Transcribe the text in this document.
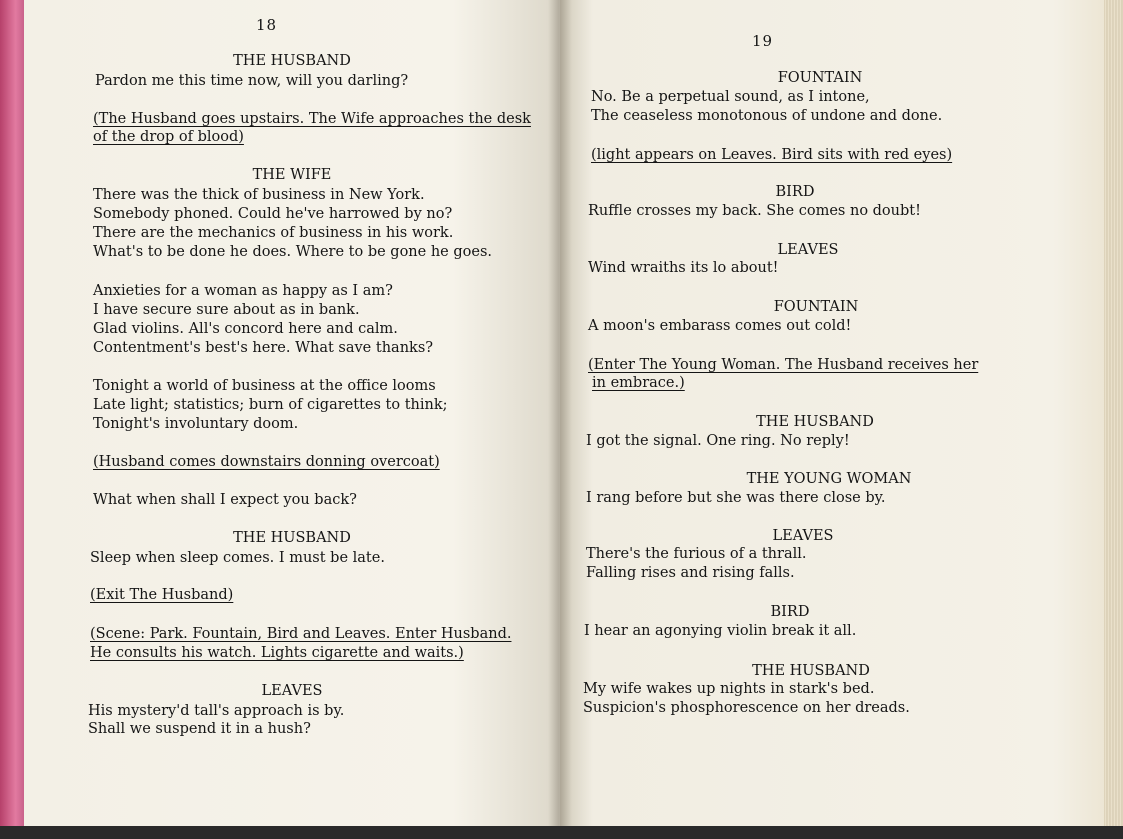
18
THE HUSBAND
Pardon me this time now, will you darling?
(The Husband goes upstairs. The Wife approaches the desk
of the drop of blood)
THE WIFE
There was the thick of business in New York.
Somebody phoned. Could he've harrowed by no?
There are the mechanics of business in his work.
What's to be done he does. Where to be gone he goes.
Anxieties for a woman as happy as I am?
I have secure sure about as in bank.
Glad violins. All's concord here and calm.
Contentment's best's here. What save thanks?
Tonight a world of business at the office looms
Late light; statistics; burn of cigarettes to think;
Tonight's involuntary doom.
(Husband comes downstairs donning overcoat)
What when shall I expect you back?
THE HUSBAND
Sleep when sleep comes. I must be late.
(Exit The Husband)
(Scene: Park. Fountain, Bird and Leaves. Enter Husband.
He consults his watch. Lights cigarette and waits.)
LEAVES
His mystery'd tall's approach is by.
Shall we suspend it in a hush?
19
FOUNTAIN
No. Be a perpetual sound, as I intone,
The ceaseless monotonous of undone and done.
(light appears on Leaves. Bird sits with red eyes)
BIRD
Ruffle crosses my back. She comes no doubt!
LEAVES
Wind wraiths its lo about!
FOUNTAIN
A moon's embarass comes out cold!
(Enter The Young Woman. The Husband receives her
in embrace.)
THE HUSBAND
I got the signal. One ring. No reply!
THE YOUNG WOMAN
I rang before but she was there close by.
LEAVES
There's the furious of a thrall.
Falling rises and rising falls.
BIRD
I hear an agonying violin break it all.
THE HUSBAND
My wife wakes up nights in stark's bed.
Suspicion's phosphorescence on her dreads.
